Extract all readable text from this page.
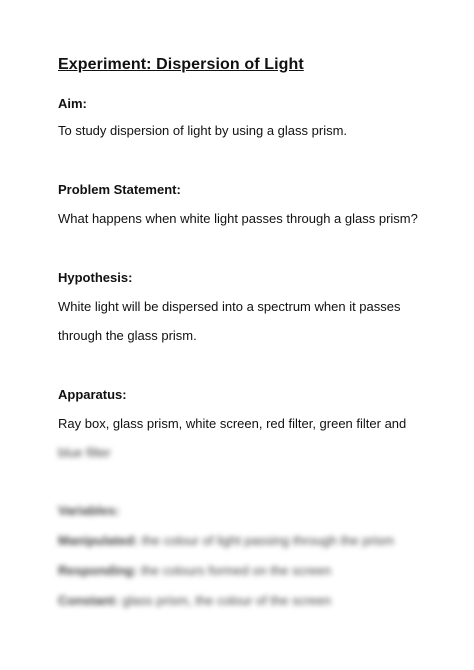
Experiment: Dispersion of Light
Aim:
To study dispersion of light by using a glass prism.
Problem Statement:
What happens when white light passes through a glass prism?
Hypothesis:
White light will be dispersed into a spectrum when it passes
through the glass prism.
Apparatus:
Ray box, glass prism, white screen, red filter, green filter and
blue filter
Variables:
Manipulated: the colour of light passing through the prism
Responding: the colours formed on the screen
Constant: glass prism, the colour of the screen
